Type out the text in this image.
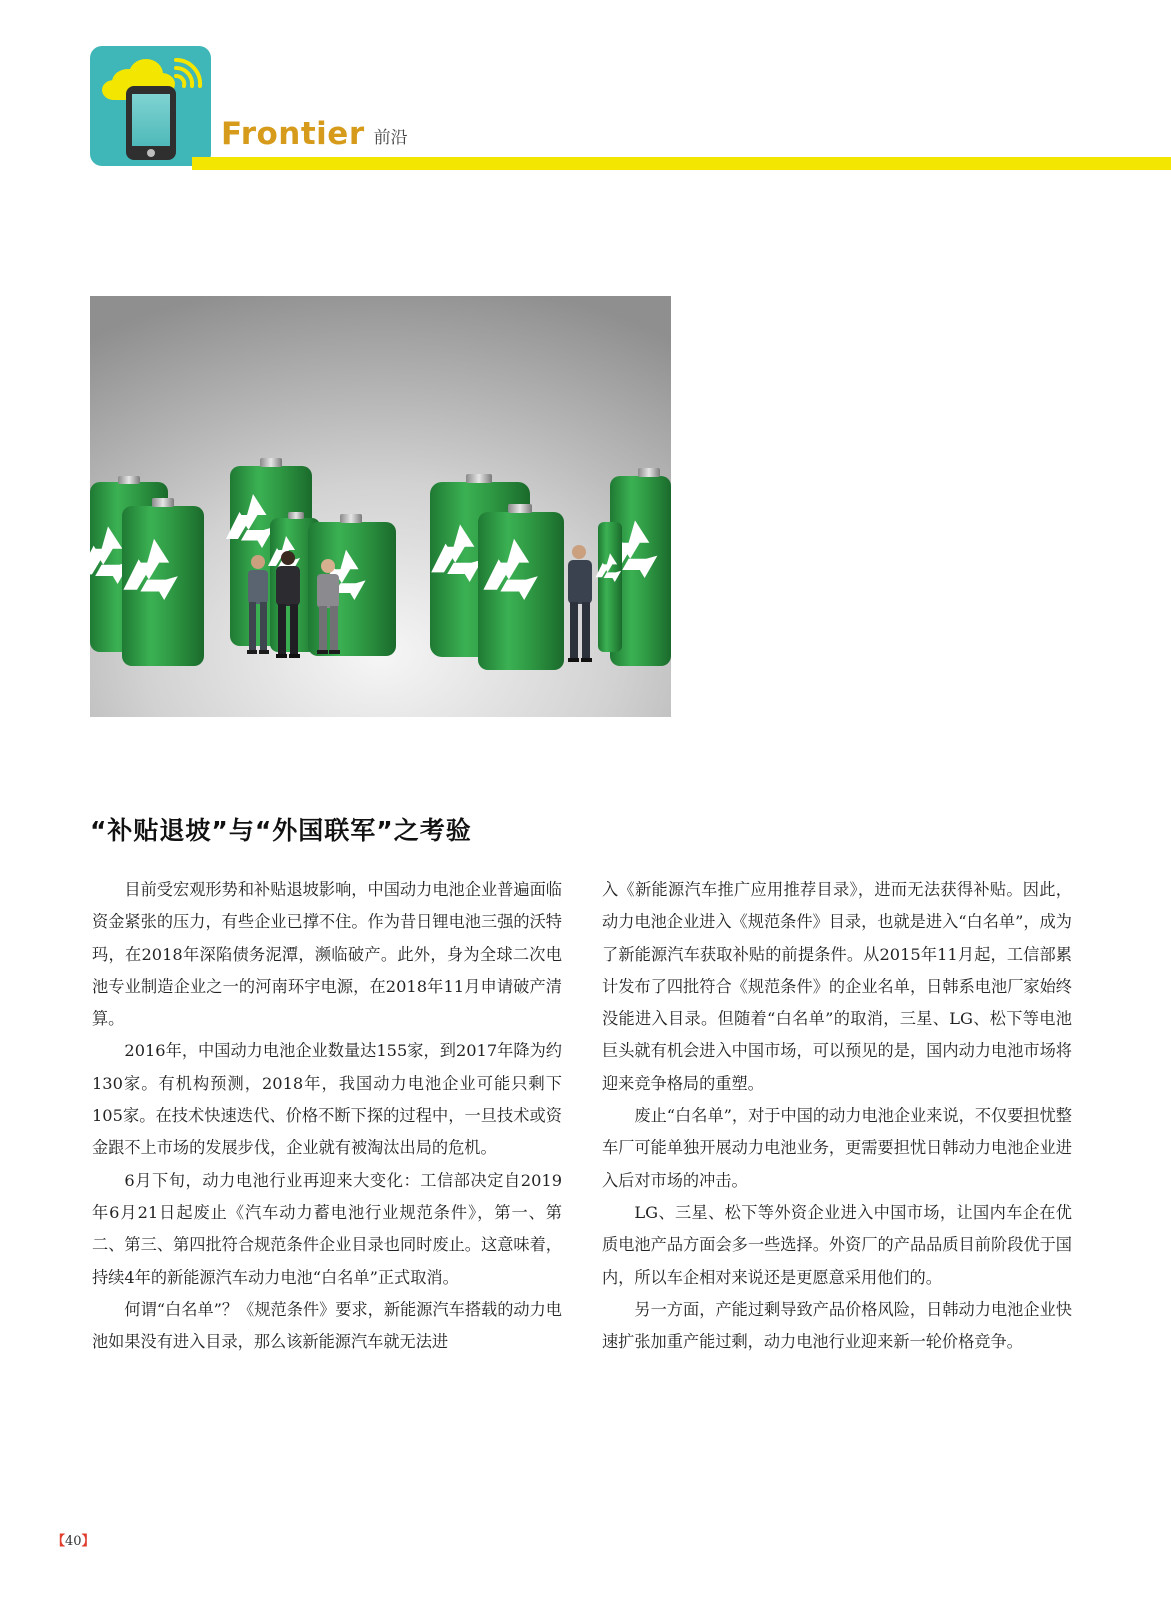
Frontier 前沿
“补贴退坡”与“外国联军”之考验

目前受宏观形势和补贴退坡影响，中国动力电池企业普遍面临资金紧张的压力，有些企业已撑不住。作为昔日锂电池三强的沃特玛，在2018年深陷债务泥潭，濒临破产。此外，身为全球二次电池专业制造企业之一的河南环宇电源，在2018年11月申请破产清算。

2016年，中国动力电池企业数量达155家，到2017年降为约130家。有机构预测，2018年，我国动力电池企业可能只剩下105家。在技术快速迭代、价格不断下探的过程中，一旦技术或资金跟不上市场的发展步伐，企业就有被淘汰出局的危机。

6月下旬，动力电池行业再迎来大变化：工信部决定自2019年6月21日起废止《汽车动力蓄电池行业规范条件》，第一、第二、第三、第四批符合规范条件企业目录也同时废止。这意味着，持续4年的新能源汽车动力电池“白名单”正式取消。

何谓“白名单”？《规范条件》要求，新能源汽车搭载的动力电池如果没有进入目录，那么该新能源汽车就无法进

入《新能源汽车推广应用推荐目录》，进而无法获得补贴。因此，动力电池企业进入《规范条件》目录，也就是进入“白名单”，成为了新能源汽车获取补贴的前提条件。从2015年11月起，工信部累计发布了四批符合《规范条件》的企业名单，日韩系电池厂家始终没能进入目录。但随着“白名单”的取消，三星、LG、松下等电池巨头就有机会进入中国市场，可以预见的是，国内动力电池市场将迎来竞争格局的重塑。

废止“白名单”，对于中国的动力电池企业来说，不仅要担忧整车厂可能单独开展动力电池业务，更需要担忧日韩动力电池企业进入后对市场的冲击。

LG、三星、松下等外资企业进入中国市场，让国内车企在优质电池产品方面会多一些选择。外资厂的产品品质目前阶段优于国内，所以车企相对来说还是更愿意采用他们的。

另一方面，产能过剩导致产品价格风险，日韩动力电池企业快速扩张加重产能过剩，动力电池行业迎来新一轮价格竞争。

【40】
